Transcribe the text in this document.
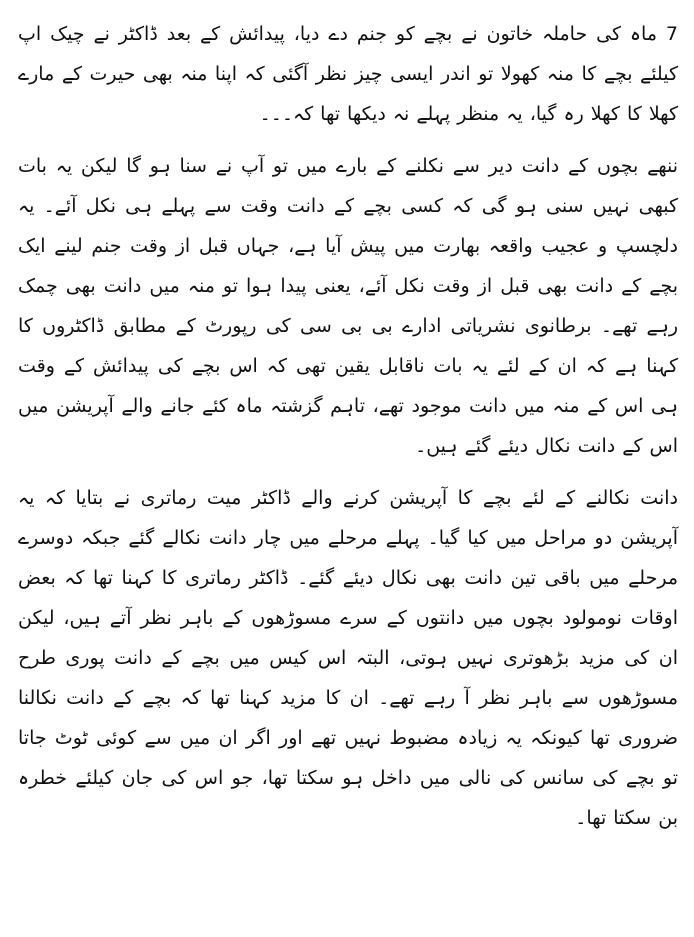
7 ماہ کی حاملہ خاتون نے بچے کو جنم دے دیا، پیدائش کے بعد ڈاکٹر نے چیک اپ کیلئے بچے کا منہ کھولا تو اندر ایسی چیز نظر آگئی کہ اپنا منہ بھی حیرت کے مارے کھلا کا کھلا رہ گیا، یہ منظر پہلے نہ دیکھا تھا کہ۔۔۔

ننھے بچوں کے دانت دیر سے نکلنے کے بارے میں تو آپ نے سنا ہو گا لیکن یہ بات کبھی نہیں سنی ہو گی کہ کسی بچے کے دانت وقت سے پہلے ہی نکل آئے۔ یہ دلچسپ و عجیب واقعہ بھارت میں پیش آیا ہے، جہاں قبل از وقت جنم لینے ایک بچے کے دانت بھی قبل از وقت نکل آئے، یعنی پیدا ہوا تو منہ میں دانت بھی چمک رہے تھے۔ برطانوی نشریاتی ادارے بی بی سی کی رپورٹ کے مطابق ڈاکٹروں کا کہنا ہے کہ ان کے لئے یہ بات ناقابل یقین تھی کہ اس بچے کی پیدائش کے وقت ہی اس کے منہ میں دانت موجود تھے، تاہم گزشتہ ماہ کئے جانے والے آپریشن میں اس کے دانت نکال دیئے گئے ہیں۔

دانت نکالنے کے لئے بچے کا آپریشن کرنے والے ڈاکٹر میت رماتری نے بتایا کہ یہ آپریشن دو مراحل میں کیا گیا۔ پہلے مرحلے میں چار دانت نکالے گئے جبکہ دوسرے مرحلے میں باقی تین دانت بھی نکال دیئے گئے۔ ڈاکٹر رماتری کا کہنا تھا کہ بعض اوقات نومولود بچوں میں دانتوں کے سرے مسوڑھوں کے باہر نظر آتے ہیں، لیکن ان کی مزید بڑھوتری نہیں ہوتی، البتہ اس کیس میں بچے کے دانت پوری طرح مسوڑھوں سے باہر نظر آ رہے تھے۔ ان کا مزید کہنا تھا کہ بچے کے دانت نکالنا ضروری تھا کیونکہ یہ زیادہ مضبوط نہیں تھے اور اگر ان میں سے کوئی ٹوٹ جاتا تو بچے کی سانس کی نالی میں داخل ہو سکتا تھا، جو اس کی جان کیلئے خطرہ بن سکتا تھا۔
